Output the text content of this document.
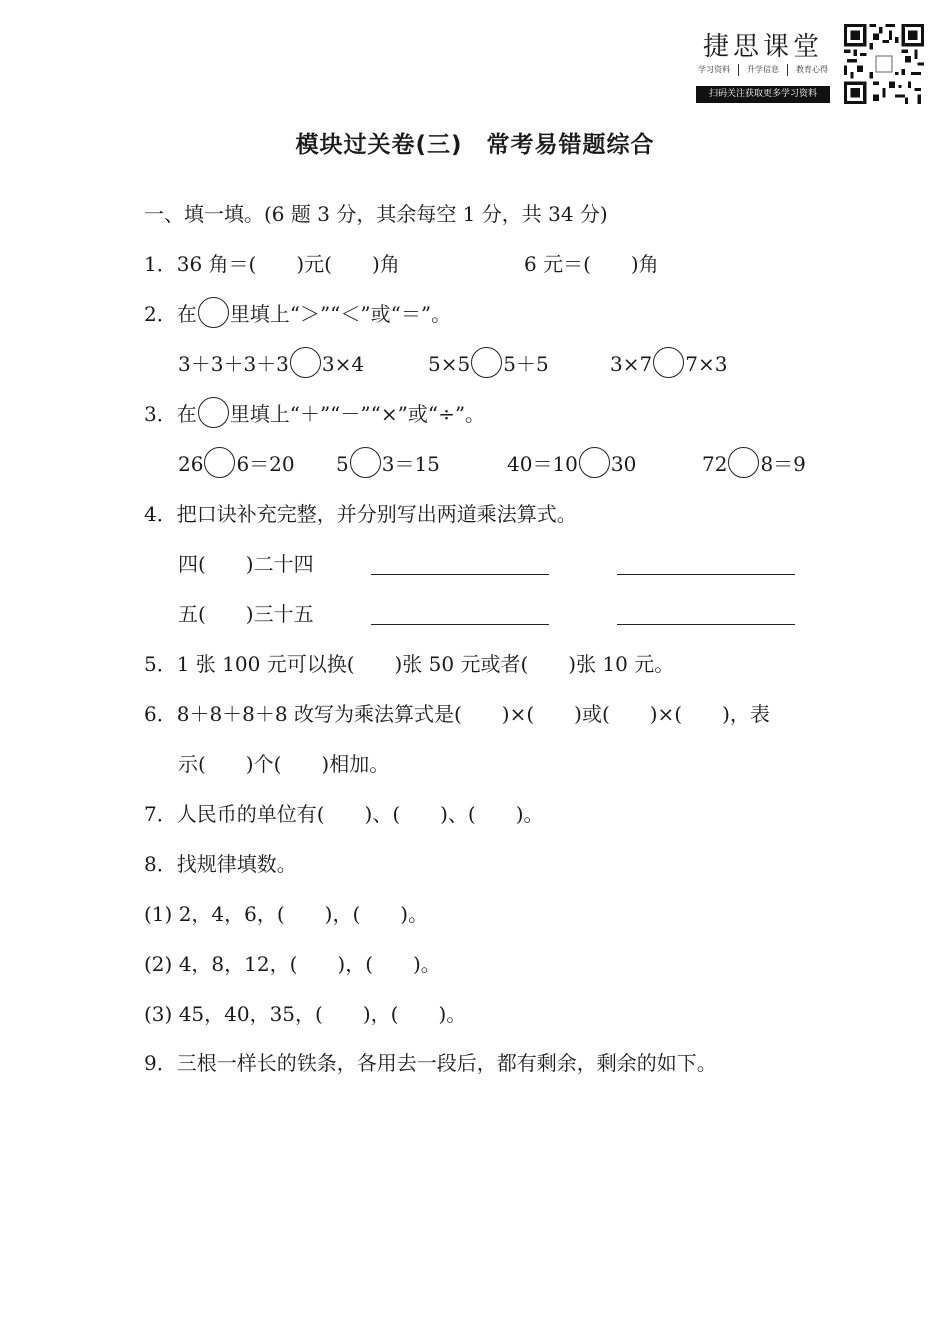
捷思课堂
学习资料 升学信息 教育心得
扫码关注获取更多学习资料
模块过关卷(三)　常考易错题综合
一、填一填。(6 题 3 分，其余每空 1 分，共 34 分)
1．36 角＝(　　)元(　　)角	6 元＝(　　)角
2．在 里填上“＞”“＜”或“＝”。
3＋3＋3＋3 3×4	5×5 5＋5	3×7 7×3
3．在 里填上“＋”“－”“×”或“÷”。
26 6＝20 5 3＝15	40＝10 30	72 8＝9
4．把口诀补充完整，并分别写出两道乘法算式。
四(　　)二十四
五(　　)三十五
5．1 张 100 元可以换(　　)张 50 元或者(　　)张 10 元。
6．8＋8＋8＋8 改写为乘法算式是(　　)×(　　)或(　　)×(　　)，表
示(　　)个(　　)相加。
7．人民币的单位有(　　)、(　　)、(　　)。
8．找规律填数。
(1) 2，4，6，(　　)，(　　)。
(2) 4，8，12，(　　)，(　　)。
(3) 45，40，35，(　　)，(　　)。
9．三根一样长的铁条，各用去一段后，都有剩余，剩余的如下。
